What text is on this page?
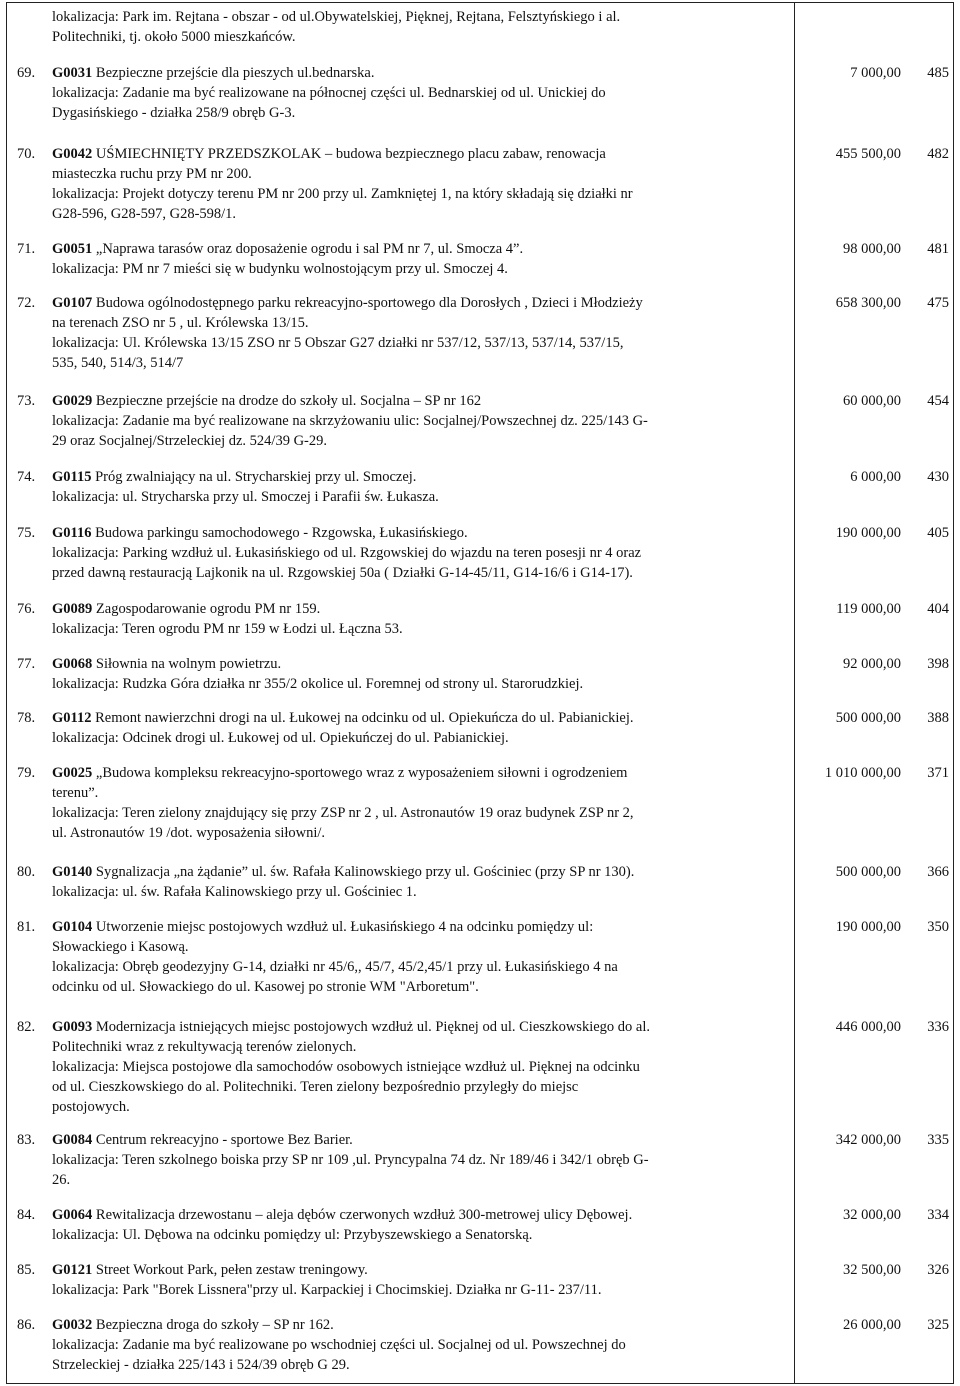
lokalizacja: Park im. Rejtana - obszar - od ul.Obywatelskiej, Pięknej, Rejtana, Felsztyńskiego i al.

Politechniki, tj. około 5000 mieszkańców.

69.	G0031 Bezpieczne przejście dla pieszych ul.bednarska.

lokalizacja: Zadanie ma być realizowane na północnej części ul. Bednarskiej od ul. Unickiej do

Dygasińskiego - działka 258/9 obręb G-3.

7 000,00	485
70.	G0042 UŚMIECHNIĘTY PRZEDSZKOLAK – budowa bezpiecznego placu zabaw, renowacja

miasteczka ruchu przy PM nr 200.

lokalizacja: Projekt dotyczy terenu PM nr 200 przy ul. Zamkniętej 1, na który składają się działki nr

G28-596, G28-597, G28-598/1.

455 500,00	482
71.	G0051 „Naprawa tarasów oraz doposażenie ogrodu i sal PM nr 7, ul. Smocza 4”.

lokalizacja: PM nr 7 mieści się w budynku wolnostojącym przy ul. Smoczej 4.

98 000,00	481
72.	G0107 Budowa ogólnodostępnego parku rekreacyjno-sportowego dla Dorosłych , Dzieci i Młodzieży

na terenach ZSO nr 5 , ul. Królewska 13/15.

lokalizacja: Ul. Królewska 13/15 ZSO nr 5 Obszar G27 działki nr 537/12, 537/13, 537/14, 537/15,

535, 540, 514/3, 514/7

658 300,00	475
73.	G0029 Bezpieczne przejście na drodze do szkoły ul. Socjalna – SP nr 162

lokalizacja: Zadanie ma być realizowane na skrzyżowaniu ulic: Socjalnej/Powszechnej dz. 225/143 G-

29 oraz Socjalnej/Strzeleckiej dz. 524/39 G-29.

60 000,00	454
74.	G0115 Próg zwalniający na ul. Strycharskiej przy ul. Smoczej.

lokalizacja: ul. Strycharska przy ul. Smoczej i Parafii św. Łukasza.

6 000,00	430
75.	G0116 Budowa parkingu samochodowego - Rzgowska, Łukasińskiego.

lokalizacja: Parking wzdłuż ul. Łukasińskiego od ul. Rzgowskiej do wjazdu na teren posesji nr 4 oraz

przed dawną restauracją Lajkonik na ul. Rzgowskiej 50a ( Działki G-14-45/11, G14-16/6 i G14-17).

190 000,00	405
76.	G0089 Zagospodarowanie ogrodu PM nr 159.

lokalizacja: Teren ogrodu PM nr 159 w Łodzi ul. Łączna 53.

119 000,00	404
77.	G0068 Siłownia na wolnym powietrzu.

lokalizacja: Rudzka Góra działka nr 355/2 okolice ul. Foremnej od strony ul. Starorudzkiej.

92 000,00	398
78.	G0112 Remont nawierzchni drogi na ul. Łukowej na odcinku od ul. Opiekuńcza do ul. Pabianickiej.

lokalizacja: Odcinek drogi ul. Łukowej od ul. Opiekuńczej do ul. Pabianickiej.

500 000,00	388
79.	G0025 „Budowa kompleksu rekreacyjno-sportowego wraz z wyposażeniem siłowni i ogrodzeniem

terenu”.

lokalizacja: Teren zielony znajdujący się przy ZSP nr 2 , ul. Astronautów 19 oraz budynek ZSP nr 2,

ul. Astronautów 19 /dot. wyposażenia siłowni/.

1 010 000,00	371
80.	G0140 Sygnalizacja „na żądanie” ul. św. Rafała Kalinowskiego przy ul. Gościniec (przy SP nr 130).

lokalizacja: ul. św. Rafała Kalinowskiego przy ul. Gościniec 1.

500 000,00	366
81.	G0104 Utworzenie miejsc postojowych wzdłuż ul. Łukasińskiego 4 na odcinku pomiędzy ul:

Słowackiego i Kasową.

lokalizacja: Obręb geodezyjny G-14, działki nr 45/6,, 45/7, 45/2,45/1 przy ul. Łukasińskiego 4 na

odcinku od ul. Słowackiego do ul. Kasowej po stronie WM "Arboretum".

190 000,00	350
82.	G0093 Modernizacja istniejących miejsc postojowych wzdłuż ul. Pięknej od ul. Cieszkowskiego do al.

Politechniki wraz z rekultywacją terenów zielonych.

lokalizacja: Miejsca postojowe dla samochodów osobowych istniejące wzdłuż ul. Pięknej na odcinku

od ul. Cieszkowskiego do al. Politechniki. Teren zielony bezpośrednio przyległy do miejsc

postojowych.

446 000,00	336
83.	G0084 Centrum rekreacyjno - sportowe Bez Barier.

lokalizacja: Teren szkolnego boiska przy SP nr 109 ,ul. Pryncypalna 74 dz. Nr 189/46 i 342/1 obręb G-

26.

342 000,00	335
84.	G0064 Rewitalizacja drzewostanu – aleja dębów czerwonych wzdłuż 300-metrowej ulicy Dębowej.

lokalizacja: Ul. Dębowa na odcinku pomiędzy ul: Przybyszewskiego a Senatorską.

32 000,00	334
85.	G0121 Street Workout Park, pełen zestaw treningowy.

lokalizacja: Park "Borek Lissnera"przy ul. Karpackiej i Chocimskiej. Działka nr G-11- 237/11.

32 500,00	326
86.	G0032 Bezpieczna droga do szkoły – SP nr 162.

lokalizacja: Zadanie ma być realizowane po wschodniej części ul. Socjalnej od ul. Powszechnej do

Strzeleckiej - działka 225/143 i 524/39 obręb G 29.

26 000,00	325
